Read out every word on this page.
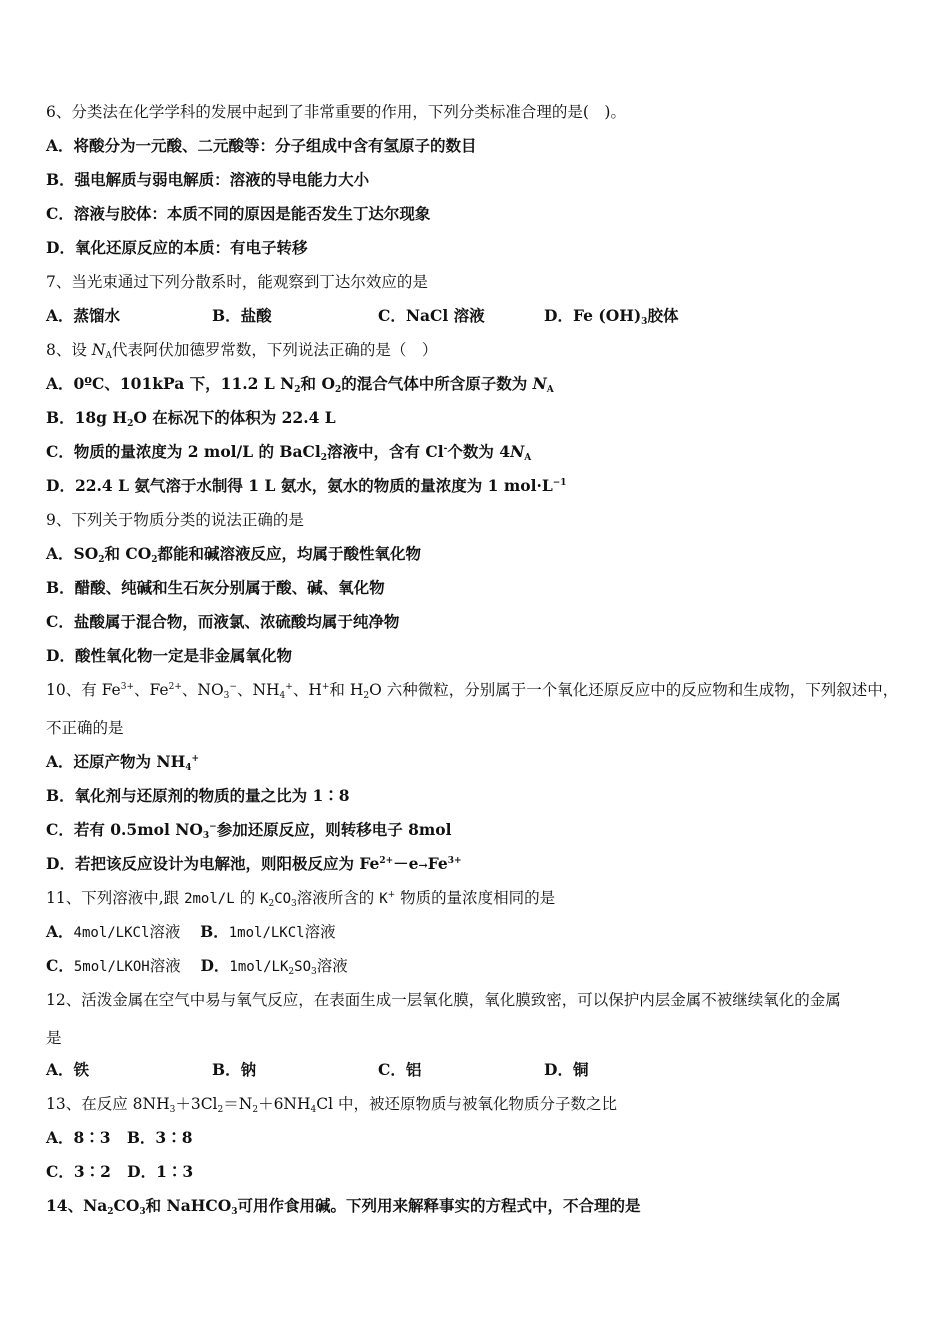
6、分类法在化学学科的发展中起到了非常重要的作用，下列分类标准合理的是(　)。
A．将酸分为一元酸、二元酸等：分子组成中含有氢原子的数目
B．强电解质与弱电解质：溶液的导电能力大小
C．溶液与胶体：本质不同的原因是能否发生丁达尔现象
D．氧化还原反应的本质：有电子转移
7、当光束通过下列分散系时，能观察到丁达尔效应的是
A．蒸馏水	B．盐酸	C．NaCl 溶液	D．Fe $(OH)_3$胶体
8、设 $N_A$代表阿伏加德罗常数，下列说法正确的是（　）
A．0ºC、101kPa 下，11.2 L $N_2$和 $O_2$的混合气体中所含原子数为 $N_A$
B．18g $H_2O$ 在标况下的体积为 22.4 L
C．物质的量浓度为 2 mol/L 的 BaCl$_2$溶液中，含有 Cl-个数为 $4N_A$
D．22.4 L 氨气溶于水制得 1 L 氨水，氨水的物质的量浓度为 1 $mol\cdot L^{-1}$
9、下列关于物质分类的说法正确的是
A．$SO_2$和 $CO_2$都能和碱溶液反应，均属于酸性氧化物
B．醋酸、纯碱和生石灰分别属于酸、碱、氧化物
C．盐酸属于混合物，而液氯、浓硫酸均属于纯净物
D．酸性氧化物一定是非金属氧化物
10、有 $Fe^{3+}$、$Fe^{2+}$、$NO_3^-$、$NH_4^+$、H+和 $H_2O$ 六种微粒，分别属于一个氧化还原反应中的反应物和生成物，下列叙述中，
不正确的是
A．还原产物为 $NH_4^+$
B．氧化剂与还原剂的物质的量之比为 1∶8
C．若有 0.5mol $NO_3^-$参加还原反应，则转移电子 8mol
D．若把该反应设计为电解池，则阳极反应为 $Fe^{2+}-e\to Fe^{3+}$
11、下列溶液中,跟 2mol/L 的 $K_2CO_3$溶液所含的 K+ 物质的量浓度相同的是
A．4mol/LKCl溶液 B．1mol/LKCl溶液
C．5mol/LKOH溶液 D．$1mol/LK_2SO_3$溶液
12、活泼金属在空气中易与氧气反应，在表面生成一层氧化膜，氧化膜致密，可以保护内层金属不被继续氧化的金属
是
A．铁	B．钠	C．铝	D．铜
13、在反应 $8NH_3+3Cl_2=N_2+6NH_4Cl$ 中，被还原物质与被氧化物质分子数之比
A．8∶3 B．3∶8
C．3∶2 D．1∶3
14、$Na_2CO_3$和 NaHCO$_3$可用作食用碱。下列用来解释事实的方程式中，不合理的是
